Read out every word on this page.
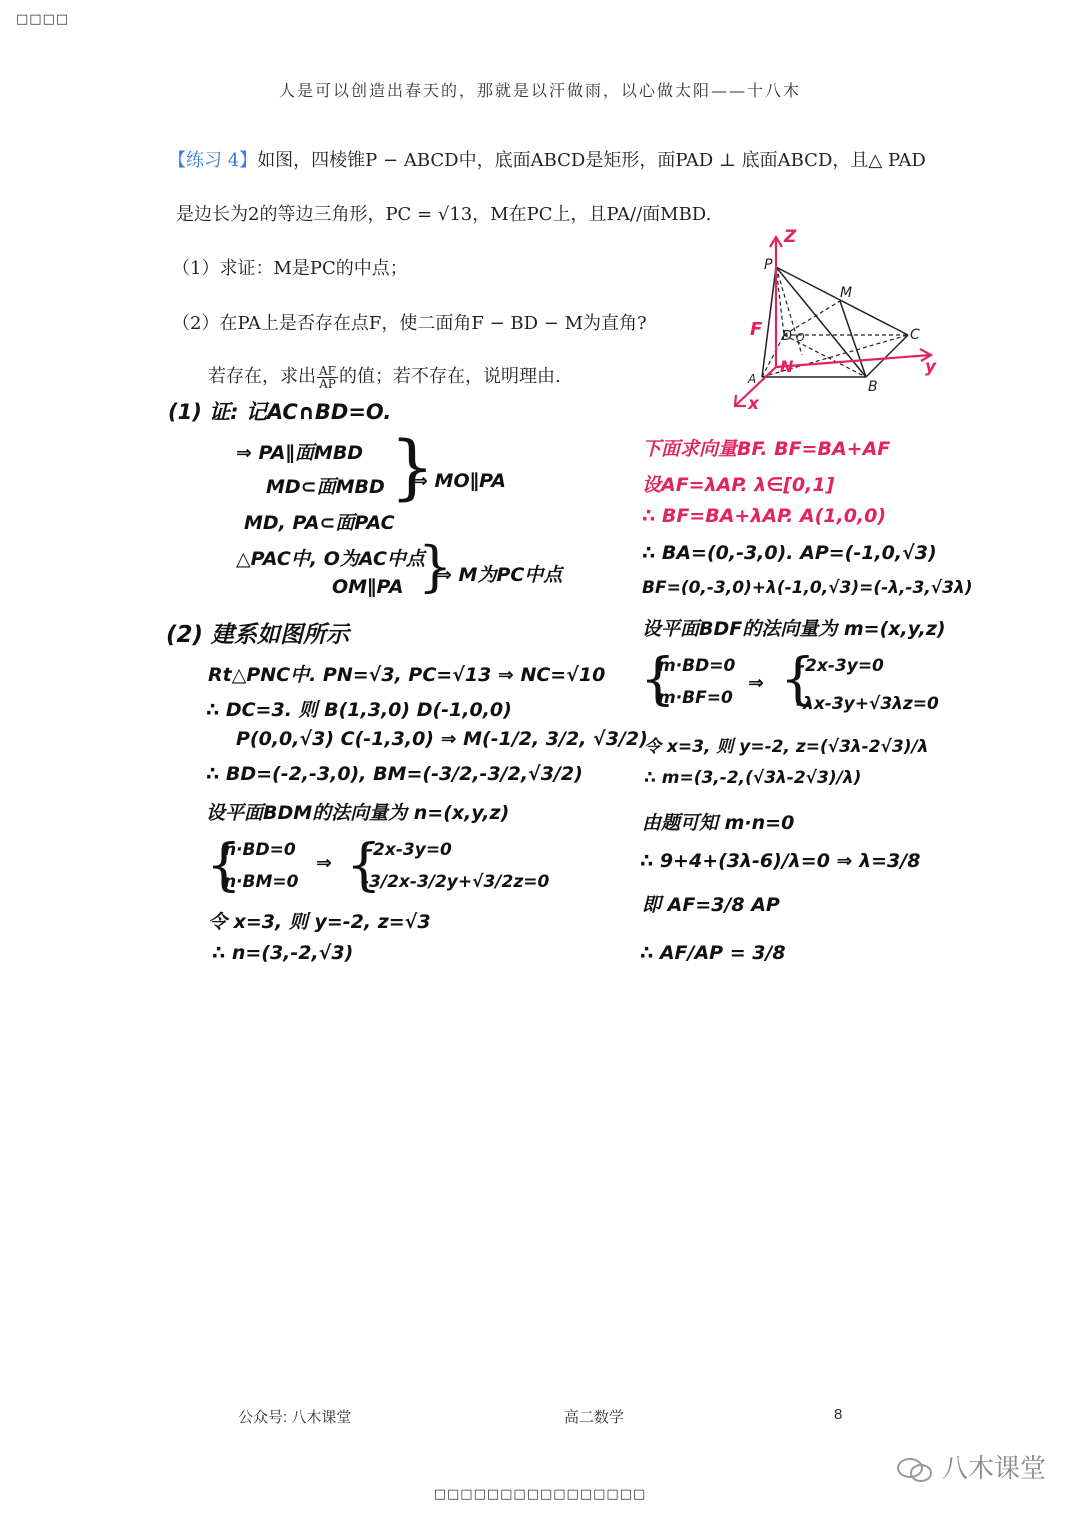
□□□□
人是可以创造出春天的，那就是以汗做雨，以心做太阳——十八木
【练习 4】如图，四棱锥P − ABCD中，底面ABCD是矩形，面PAD ⊥ 底面ABCD，且△ PAD
是边长为2的等边三角形，PC = √13，M在PC上，且PA//面MBD.
（1）求证：M是PC的中点；
（2）在PA上是否存在点F，使二面角F − BD − M为直角?
若存在，求出 $\frac{AF}{AP}$ 的值；若不存在，说明理由.
Z
y
x
P
M
C
D O
N
B
A
F
(1) 证: 记AC∩BD=O.
⇒ PA∥面MBD
MD⊂面MBD
MD, PA⊂面PAC
}
⇒ MO∥PA
△PAC中, O为AC中点
OM∥PA }
⇒ M为PC中点
(2) 建系如图所示
Rt△PNC中. PN=√3, PC=√13 ⇒ NC=√10
∴ DC=3. 则 B(1,3,0) D(-1,0,0)
P(0,0,√3) C(-1,3,0) ⇒ M(-1/2, 3/2, √3/2)
∴ BD=(-2,-3,0), BM=(-3/2,-3/2,√3/2)
设平面BDM的法向量为 n=(x,y,z)
{
n·BD=0
n·BM=0
⇒ {
-2x-3y=0
-3/2x-3/2y+√3/2z=0
令 x=3, 则 y=-2, z=√3
∴ n=(3,-2,√3)
下面求向量BF. BF=BA+AF
设AF=λAP. λ∈[0,1]
∴ BF=BA+λAP. A(1,0,0)
∴ BA=(0,-3,0). AP=(-1,0,√3)
BF=(0,-3,0)+λ(-1,0,√3)=(-λ,-3,√3λ)
设平面BDF的法向量为 m=(x,y,z)
{
m·BD=0
m·BF=0
⇒ {
-2x-3y=0
-λx-3y+√3λz=0
令 x=3, 则 y=-2, z=(√3λ-2√3)/λ
∴ m=(3,-2,(√3λ-2√3)/λ)
由题可知 m·n=0
∴ 9+4+(3λ-6)/λ=0 ⇒ λ=3/8
即 AF=3/8 AP
∴ AF/AP = 3/8
公众号: 八木课堂	高二数学	8
八木课堂
□□□□□□□□□□□□□□□□
